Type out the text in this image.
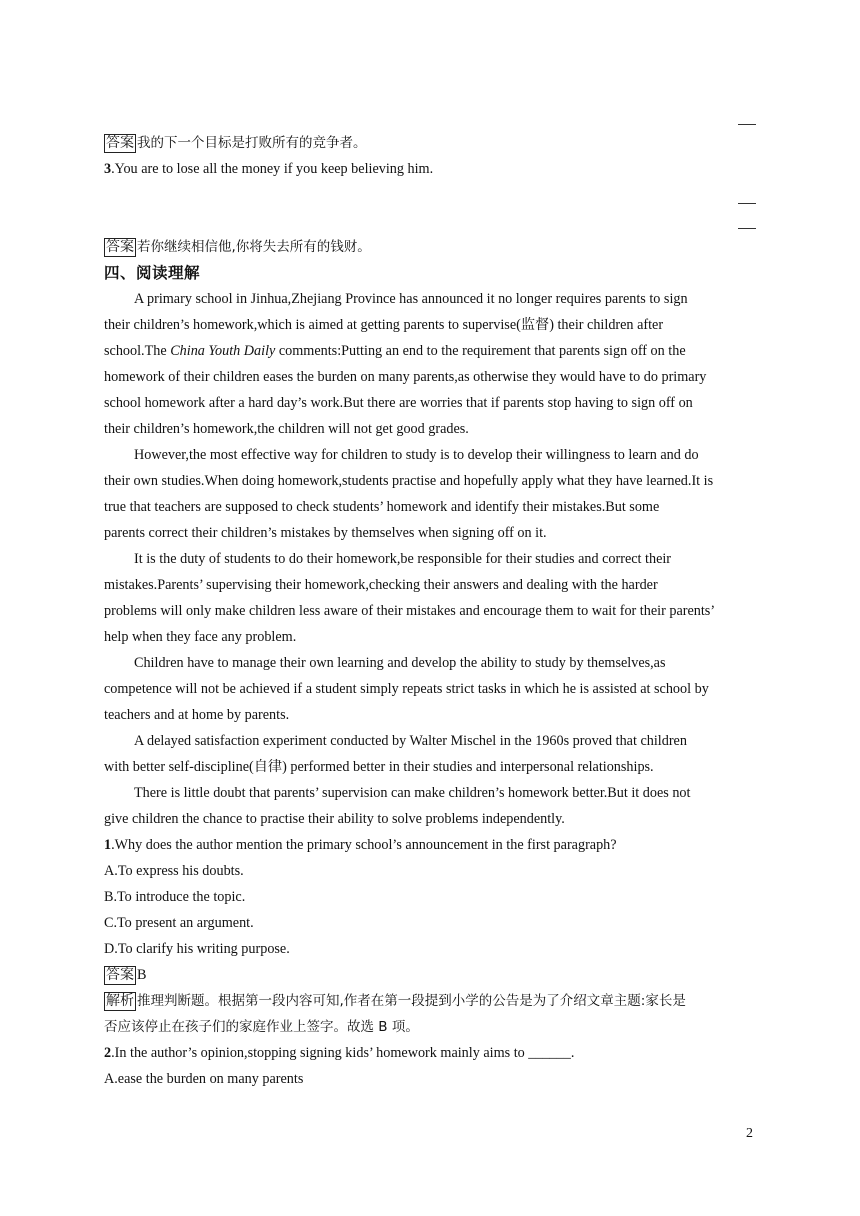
答案 我的下一个目标是打败所有的竞争者。
3.You are to lose all the money if you keep believing him.
答案 若你继续相信他,你将失去所有的钱财。
四、阅读理解
A primary school in Jinhua,Zhejiang Province has announced it no longer requires parents to sign
their children’s homework,which is aimed at getting parents to supervise(监督) their children after
school.The China Youth Daily comments:Putting an end to the requirement that parents sign off on the
homework of their children eases the burden on many parents,as otherwise they would have to do primary
school homework after a hard day’s work.But there are worries that if parents stop having to sign off on
their children’s homework,the children will not get good grades.
However,the most effective way for children to study is to develop their willingness to learn and do
their own studies.When doing homework,students practise and hopefully apply what they have learned.It is
true that teachers are supposed to check students’ homework and identify their mistakes.But some
parents correct their children’s mistakes by themselves when signing off on it.
It is the duty of students to do their homework,be responsible for their studies and correct their
mistakes.Parents’ supervising their homework,checking their answers and dealing with the harder
problems will only make children less aware of their mistakes and encourage them to wait for their parents’
help when they face any problem.
Children have to manage their own learning and develop the ability to study by themselves,as
competence will not be achieved if a student simply repeats strict tasks in which he is assisted at school by
teachers and at home by parents.
A delayed satisfaction experiment conducted by Walter Mischel in the 1960s proved that children
with better self-discipline(自律) performed better in their studies and interpersonal relationships.
There is little doubt that parents’ supervision can make children’s homework better.But it does not
give children the chance to practise their ability to solve problems independently.
1.Why does the author mention the primary school’s announcement in the first paragraph?
A.To express his doubts.
B.To introduce the topic.
C.To present an argument.
D.To clarify his writing purpose.
答案 B
解析 推理判断题。根据第一段内容可知,作者在第一段提到小学的公告是为了介绍文章主题:家长是
否应该停止在孩子们的家庭作业上签字。故选 B 项。
2.In the author’s opinion,stopping signing kids’ homework mainly aims to ______.
A.ease the burden on many parents
2
